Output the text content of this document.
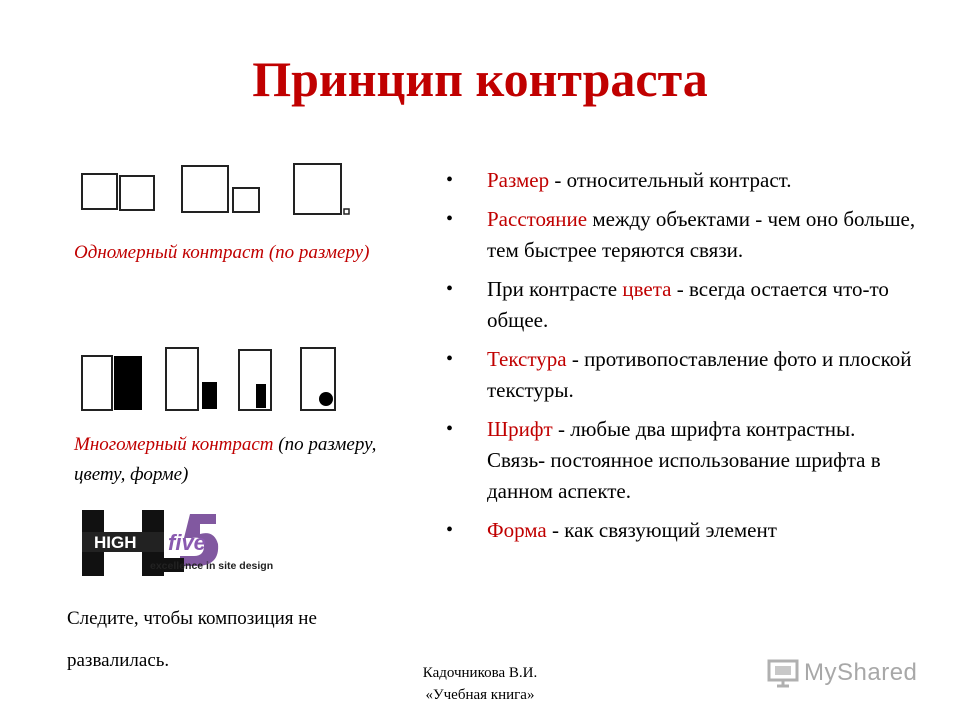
Принцип контраста
Одномерный контраст (по размеру)
Многомерный контраст (по размеру, цвету, форме)
HIGH five
excellence in site design
Следите, чтобы композиция не развалилась.
• Размер - относительный контраст.
• Расстояние между объектами - чем оно больше, тем быстрее теряются связи.
• При контрасте цвета - всегда остается что-то общее.
• Текстура - противопоставление фото и плоской текстуры.
• Шрифт - любые два шрифта контрастны. Связь- постоянное использование шрифта в данном аспекте.
• Форма - как связующий элемент
Кадочникова В.И.
«Учебная книга»
MyShared
